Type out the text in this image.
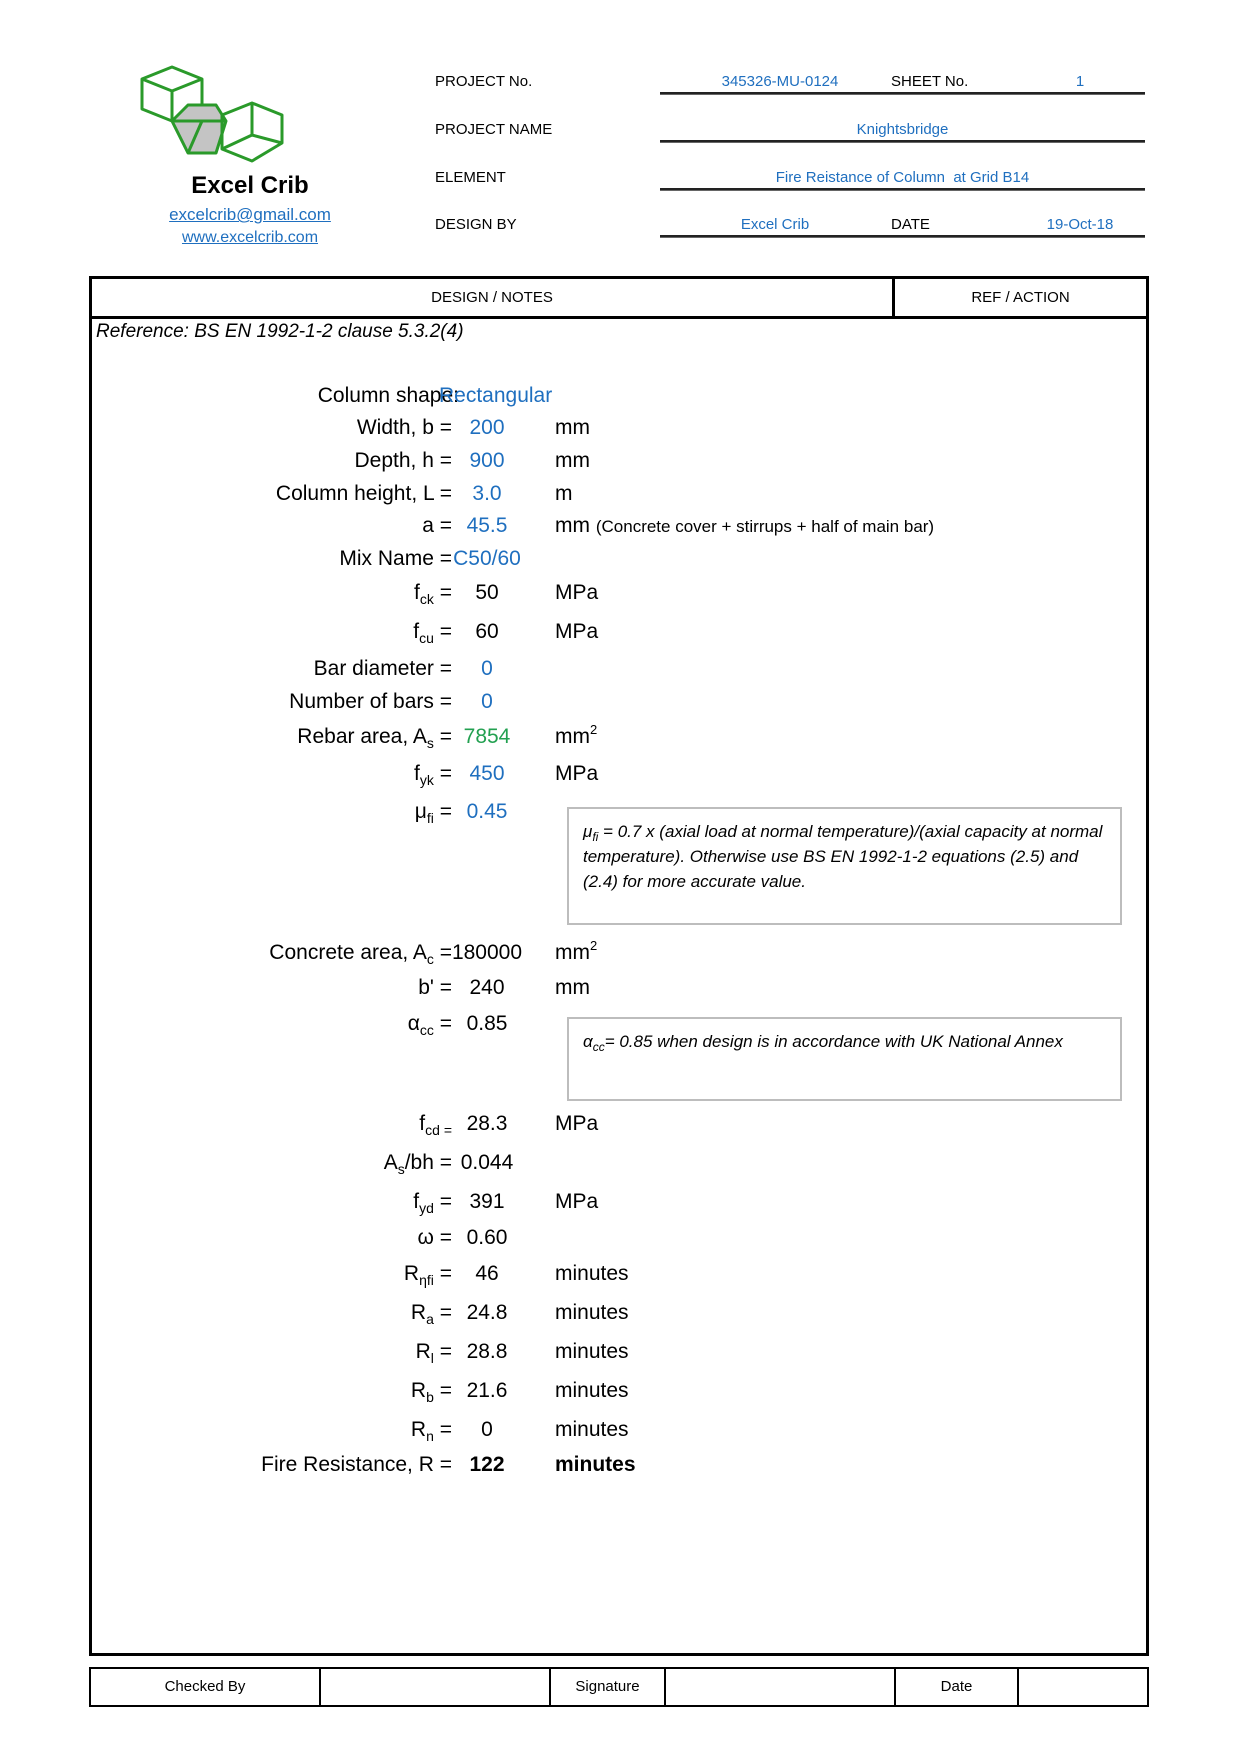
Excel Crib
excelcrib@gmail.com
www.excelcrib.com
PROJECT No.	345326-MU-0124	SHEET No.	1
PROJECT NAME	Knightsbridge
ELEMENT	Fire Reistance of Column  at Grid B14
DESIGN BY	Excel Crib	DATE	19-Oct-18
DESIGN / NOTES	REF / ACTION
Reference: BS EN 1992-1-2 clause 5.3.2(4)
Column shape:
Rectangular
Width, b = 200	mm
Depth, h = 900	mm
Column height, L = 3.0	m
a = 45.5	mm (Concrete cover + stirrups + half of main bar)
Mix Name = C50/60
$f_{ck}$ =	50	MPa
$f_{cu}$ =	60	MPa
Bar diameter =	0
Number of bars =	0
Rebar area, $A_s = 7854$	$mm^2$
$f_{yk} = 450$	MPa
$\mu_{fi} = 0.45$
$\mu_{fi} = 0.7$ x (axial load at normal temperature)/(axial capacity at normal temperature). Otherwise use BS EN 1992-1-2 equations (2.5) and (2.4) for more accurate value.
Concrete area, $A_c = 180000$	$mm^2$
b' = 240	mm
$\alpha_{cc} = 0.85$
$\alpha_{cc}= 0.85$ when design is in accordance with UK National Annex
$f_{cd =}$ 28.3	MPa
$A_s/bh = 0.044$
$f_{yd} = 391$	MPa
ω = 0.60
$R_{\eta fi}$ =	46	minutes
$R_a = 24.8$	minutes
$R_l = 28.8$	minutes
$R_b = 21.6$	minutes
$R_n$ =	0	minutes
Fire Resistance, R = 122	minutes
Checked By	Signature	Date
